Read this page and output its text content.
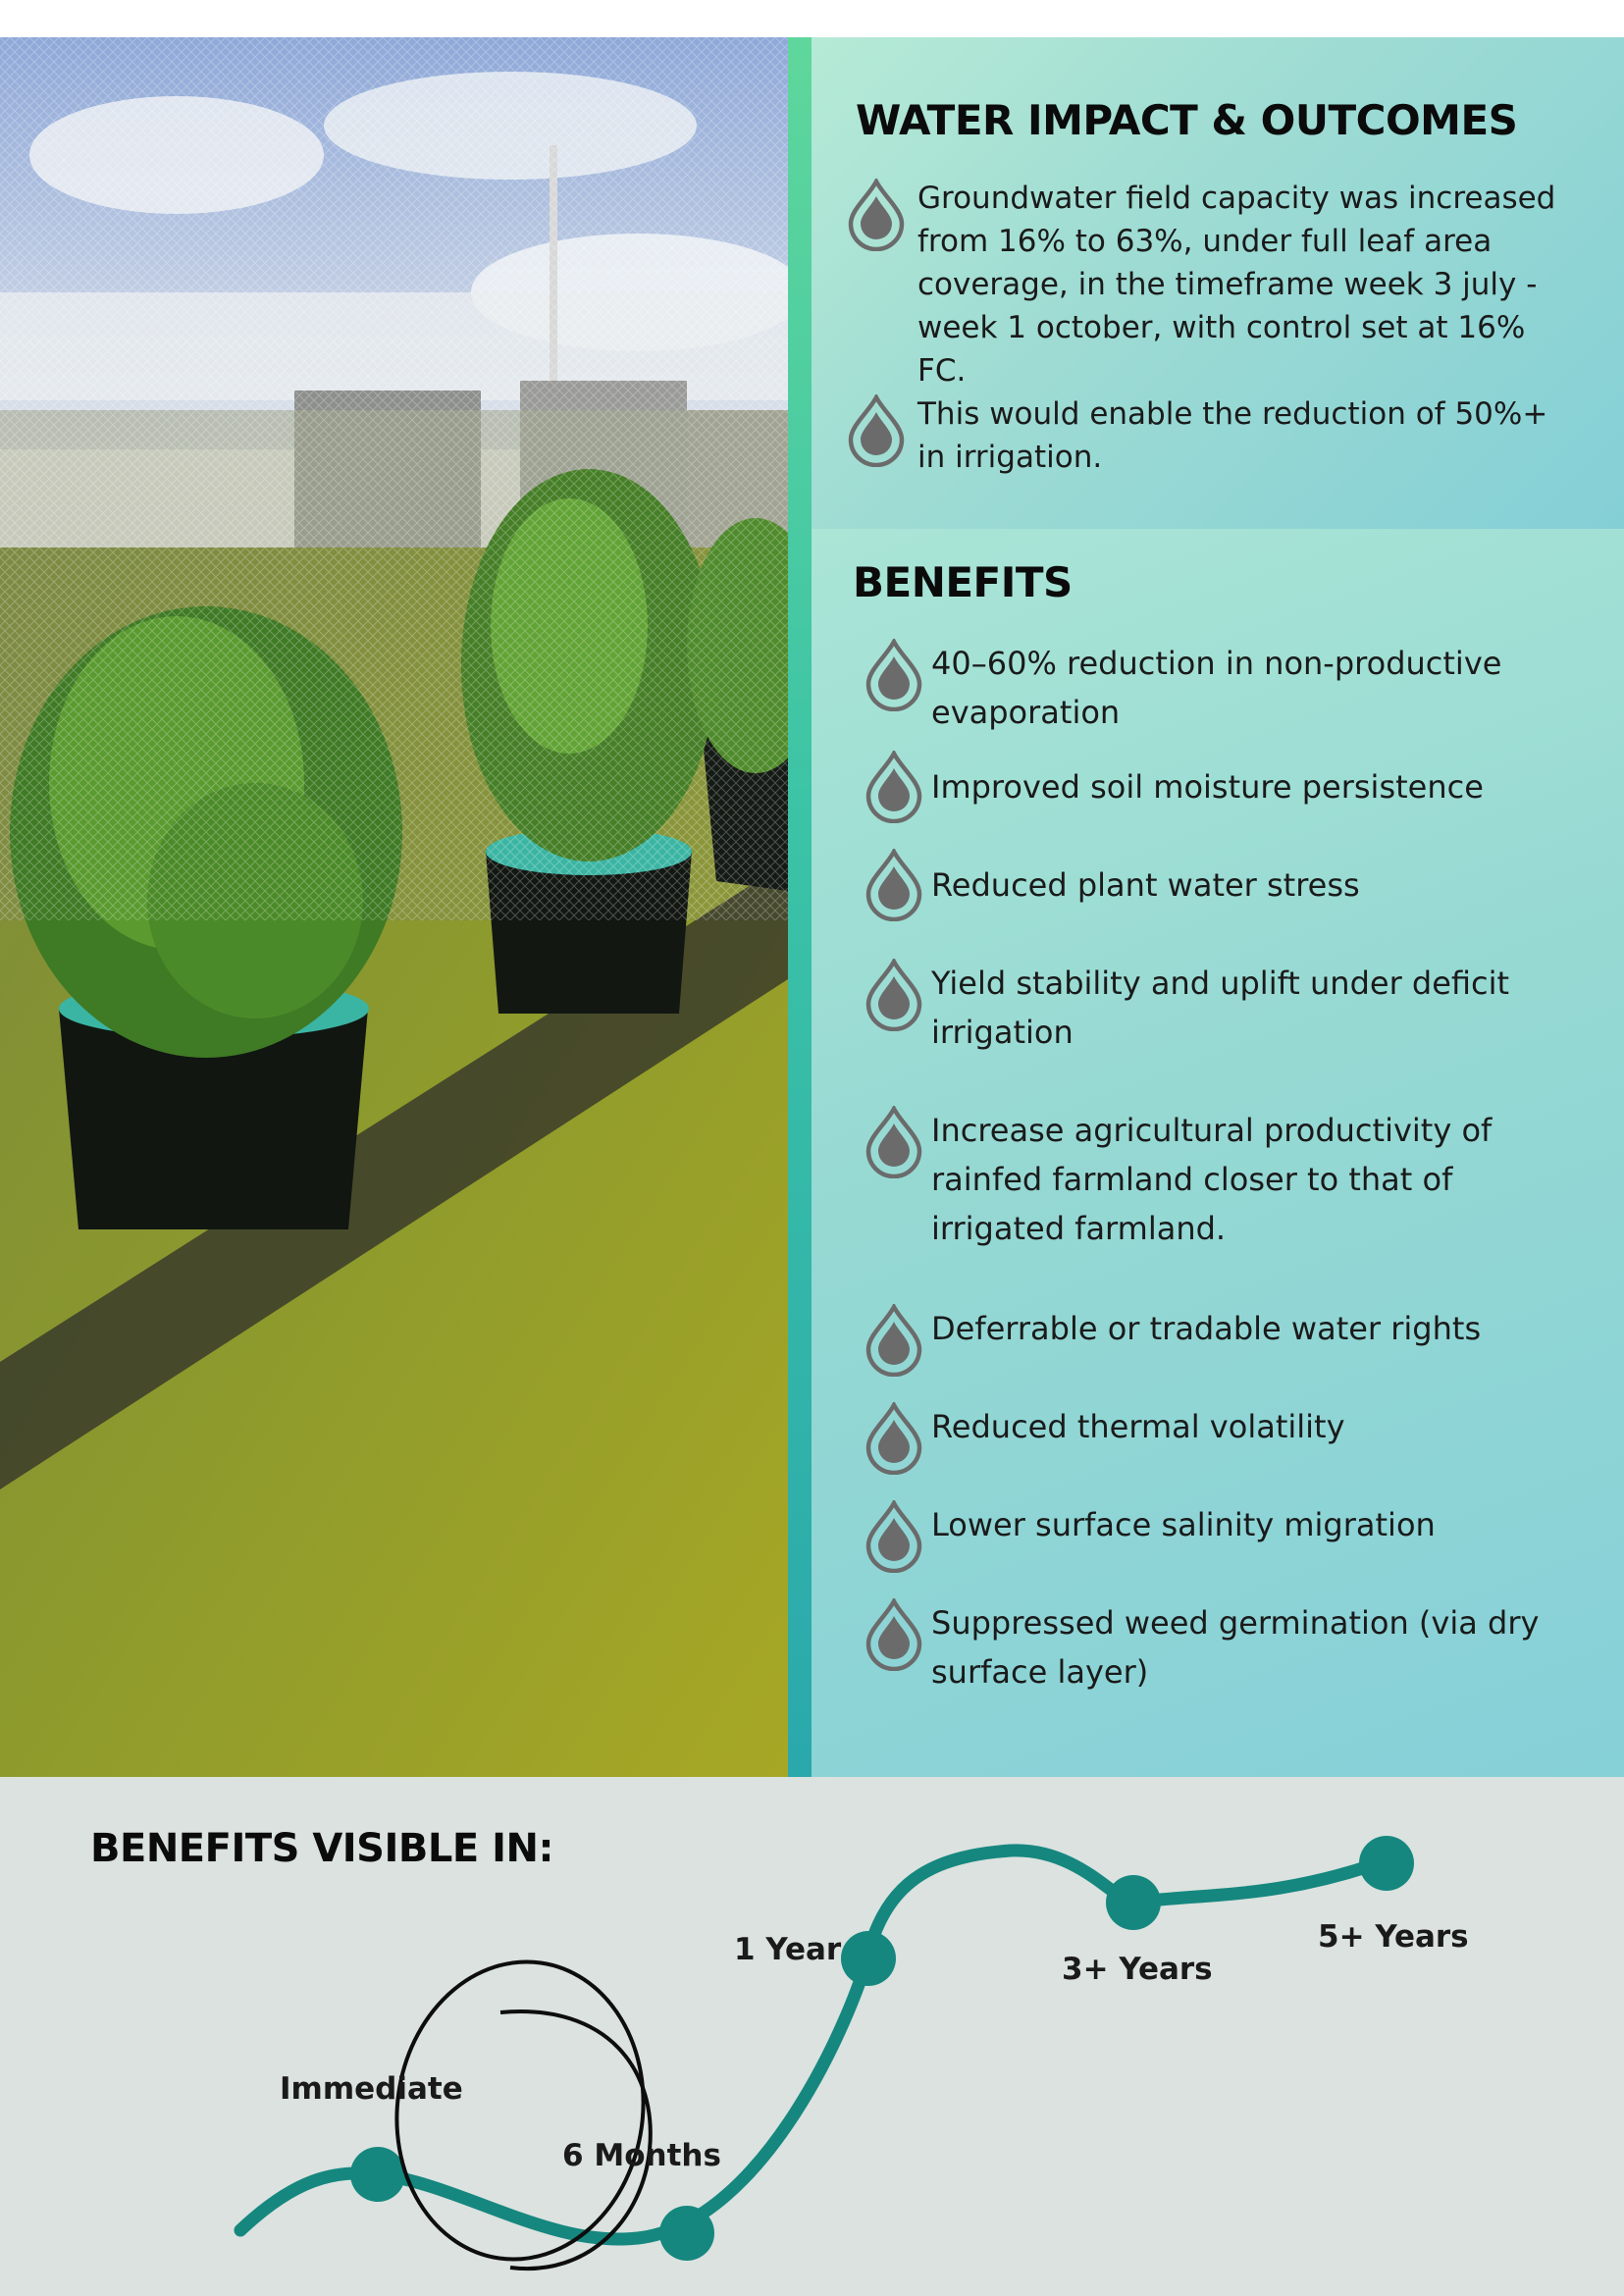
WATER IMPACT & OUTCOMES
Groundwater field capacity was increased from 16% to 63%, under full leaf area coverage, in the timeframe week 3 july - week 1 october, with control set at 16% FC.
This would enable the reduction of 50%+ in irrigation.
BENEFITS
40–60% reduction in non-productive evaporation
Improved soil moisture persistence
Reduced plant water stress
Yield stability and uplift under deficit irrigation
Increase agricultural productivity of rainfed farmland closer to that of irrigated farmland.
Deferrable or tradable water rights
Reduced thermal volatility
Lower surface salinity migration
Suppressed weed germination (via dry surface layer)
BENEFITS VISIBLE IN:
Immediate
6 Months
1 Year
3+ Years
5+ Years
